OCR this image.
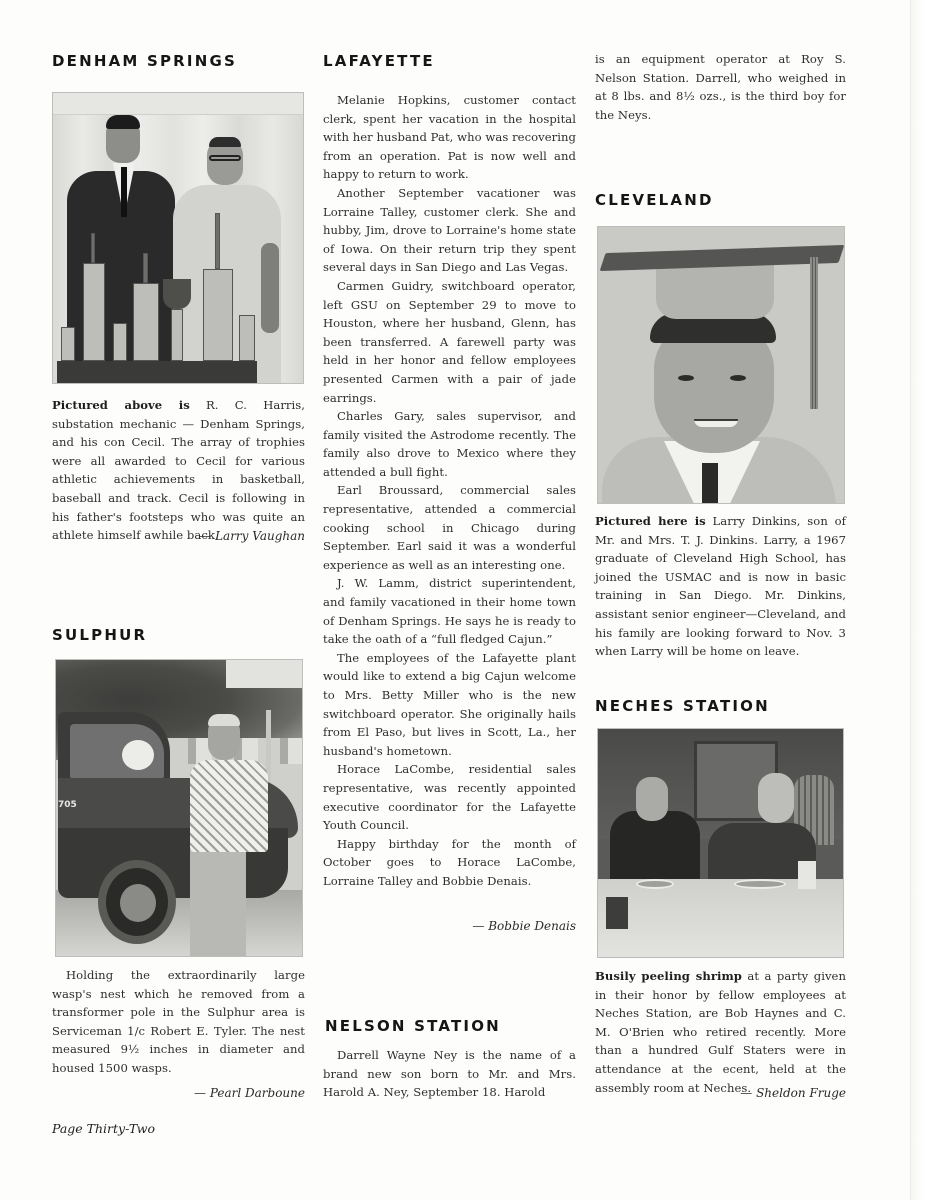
DENHAM SPRINGS

Pictured above is R. C. Harris, substation mechanic — Denham Springs, and his con Cecil. The array of trophies were all awarded to Cecil for various athletic achievements in basketball, baseball and track. Cecil is following in his father's footsteps who was quite an athlete himself awhile back.

— Larry Vaughan
SULPHUR
705

Holding the extraordinarily large wasp's nest which he removed from a transformer pole in the Sulphur area is Serviceman 1/c Robert E. Tyler. The nest measured 9½ inches in diameter and housed 1500 wasps.

— Pearl Darboune
Page Thirty-Two
LAFAYETTE

Melanie Hopkins, customer contact clerk, spent her vacation in the hospital with her husband Pat, who was recovering from an operation. Pat is now well and happy to return to work.

Another September vacationer was Lorraine Talley, customer clerk. She and hubby, Jim, drove to Lorraine's home state of Iowa. On their return trip they spent several days in San Diego and Las Vegas.

Carmen Guidry, switchboard operator, left GSU on September 29 to move to Houston, where her husband, Glenn, has been transferred. A farewell party was held in her honor and fellow employees presented Carmen with a pair of jade earrings.

Charles Gary, sales supervisor, and family visited the Astrodome recently. The family also drove to Mexico where they attended a bull fight.

Earl Broussard, commercial sales representative, attended a commercial cooking school in Chicago during September. Earl said it was a wonderful experience as well as an interesting one.

J. W. Lamm, district superintendent, and family vacationed in their home town of Denham Springs. He says he is ready to take the oath of a “full fledged Cajun.”

The employees of the Lafayette plant would like to extend a big Cajun welcome to Mrs. Betty Miller who is the new switchboard operator. She originally hails from El Paso, but lives in Scott, La., her husband's hometown.

Horace LaCombe, residential sales representative, was recently appointed executive coordinator for the Lafayette Youth Council.

Happy birthday for the month of October goes to Horace LaCombe, Lorraine Talley and Bobbie Denais.

— Bobbie Denais
NELSON STATION

Darrell Wayne Ney is the name of a brand new son born to Mr. and Mrs. Harold A. Ney, September 18. Harold

is an equipment operator at Roy S. Nelson Station. Darrell, who weighed in at 8 lbs. and 8½ ozs., is the third boy for the Neys.

CLEVELAND

Pictured here is Larry Dinkins, son of Mr. and Mrs. T. J. Dinkins. Larry, a 1967 graduate of Cleveland High School, has joined the USMAC and is now in basic training in San Diego. Mr. Dinkins, assistant senior engineer—Cleveland, and his family are looking forward to Nov. 3 when Larry will be home on leave.

NECHES STATION

Busily peeling shrimp at a party given in their honor by fellow employees at Neches Station, are Bob Haynes and C. M. O'Brien who retired recently. More than a hundred Gulf Staters were in attendance at the ecent, held at the assembly room at Neches.

— Sheldon Fruge
